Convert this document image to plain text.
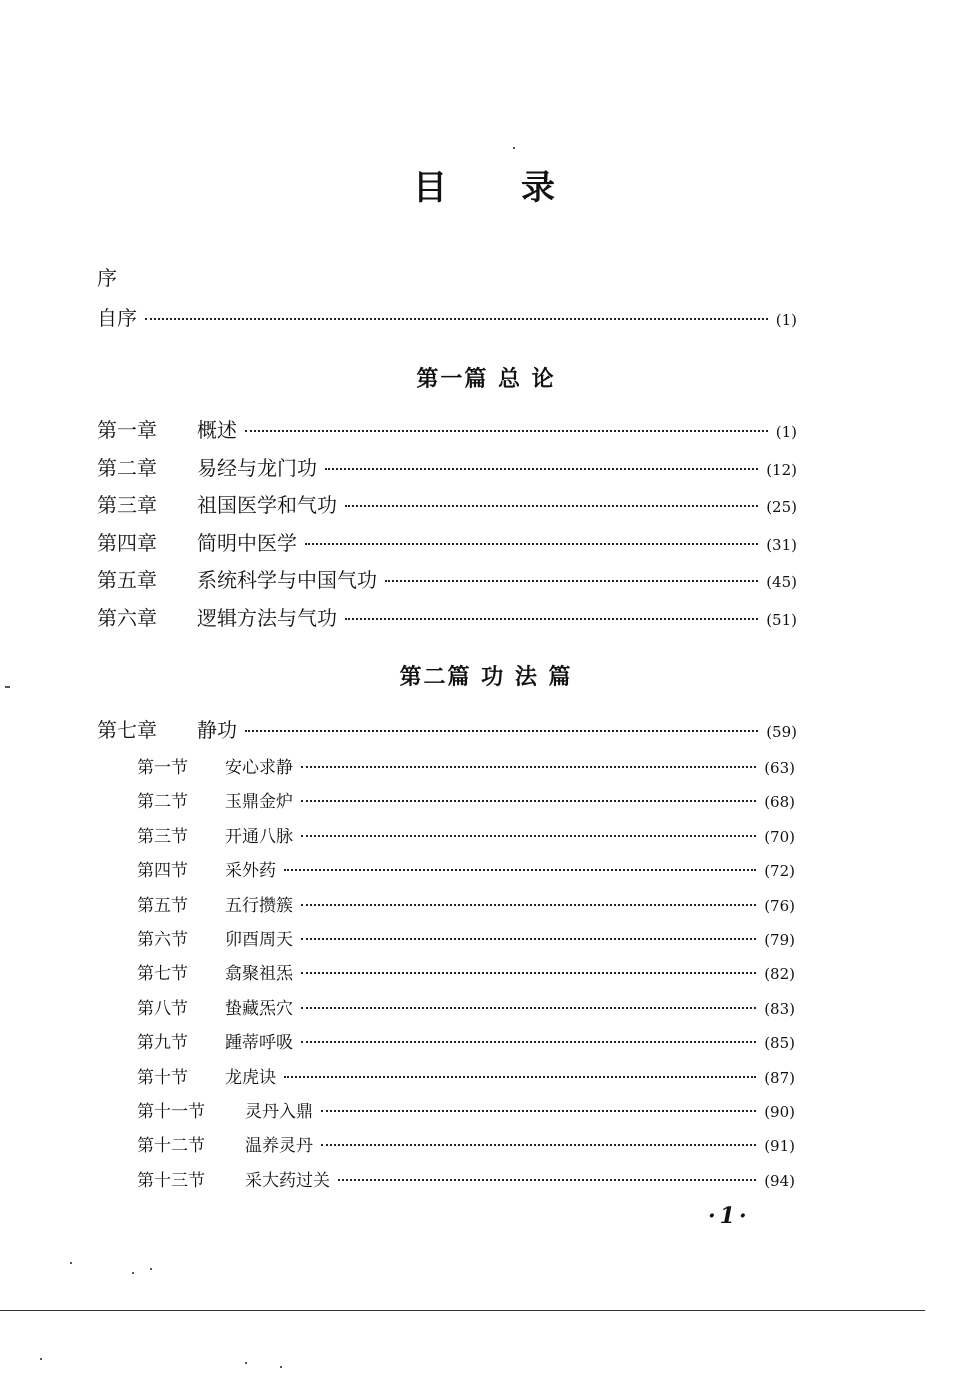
目 录
序
自序	(1)
第一篇 总 论
第一章	概述	(1)
第二章	易经与龙门功	(12)
第三章	祖国医学和气功	(25)
第四章	简明中医学	(31)
第五章	系统科学与中国气功	(45)
第六章	逻辑方法与气功	(51)
第二篇 功 法 篇
第七章	静功	(59)
第一节	安心求静	(63)
第二节	玉鼎金炉	(68)
第三节	开通八脉	(70)
第四节	采外药	(72)
第五节	五行攒簇	(76)
第六节	卯酉周天	(79)
第七节	翕聚祖炁	(82)
第八节	蛰藏炁穴	(83)
第九节	踵蒂呼吸	(85)
第十节	龙虎诀	(87)
第十一节	灵丹入鼎	(90)
第十二节	温养灵丹	(91)
第十三节	采大药过关	(94)
·1·
